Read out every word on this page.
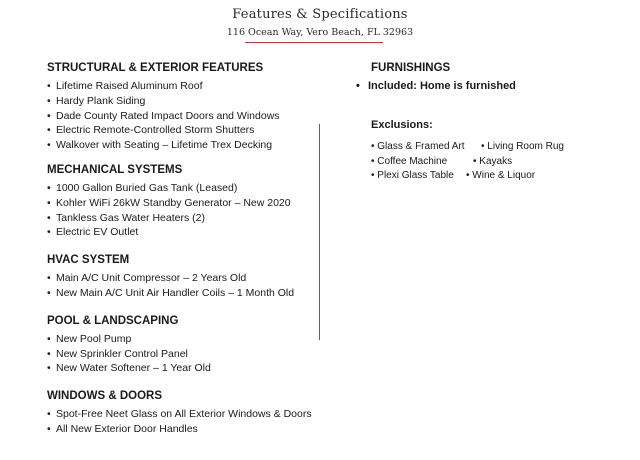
Features & Specifications
116 Ocean Way, Vero Beach, FL 32963
STRUCTURAL & EXTERIOR FEATURES
• Lifetime Raised Aluminum Roof
• Hardy Plank Siding
• Dade County Rated Impact Doors and Windows
• Electric Remote-Controlled Storm Shutters
• Walkover with Seating – Lifetime Trex Decking
MECHANICAL SYSTEMS
• 1000 Gallon Buried Gas Tank (Leased)
• Kohler WiFi 26kW Standby Generator – New 2020
• Tankless Gas Water Heaters (2)
• Electric EV Outlet
HVAC SYSTEM
• Main A/C Unit Compressor – 2 Years Old
• New Main A/C Unit Air Handler Coils – 1 Month Old
POOL & LANDSCAPING
• New Pool Pump
• New Sprinkler Control Panel
• New Water Softener – 1 Year Old
WINDOWS & DOORS
• Spot-Free Neet Glass on All Exterior Windows & Doors
• All New Exterior Door Handles
FURNISHINGS
• Included: Home is furnished
Exclusions:
• Glass & Framed Art • Living Room Rug
• Coffee Machine	• Kayaks
• Plexi Glass Table • Wine & Liquor
